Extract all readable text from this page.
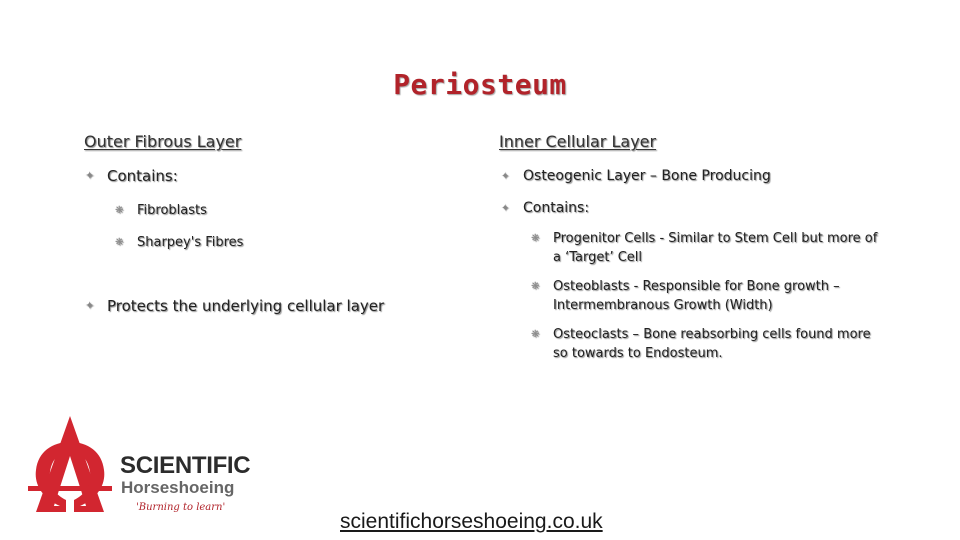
Periosteum
Outer Fibrous Layer
✦ Contains:
❋ Fibroblasts
❋ Sharpey's Fibres
✦ Protects the underlying cellular layer
Inner Cellular Layer
✦ Osteogenic Layer – Bone Producing
✦ Contains:
❋ Progenitor Cells - Similar to Stem Cell but more of
a ‘Target’ Cell
❋ Osteoblasts - Responsible for Bone growth –
Intermembranous Growth (Width)
❋ Osteoclasts – Bone reabsorbing cells found more
so towards to Endosteum.
SCIENTIFIC
Horseshoeing
'Burning to learn'
scientifichorseshoeing.co.uk
